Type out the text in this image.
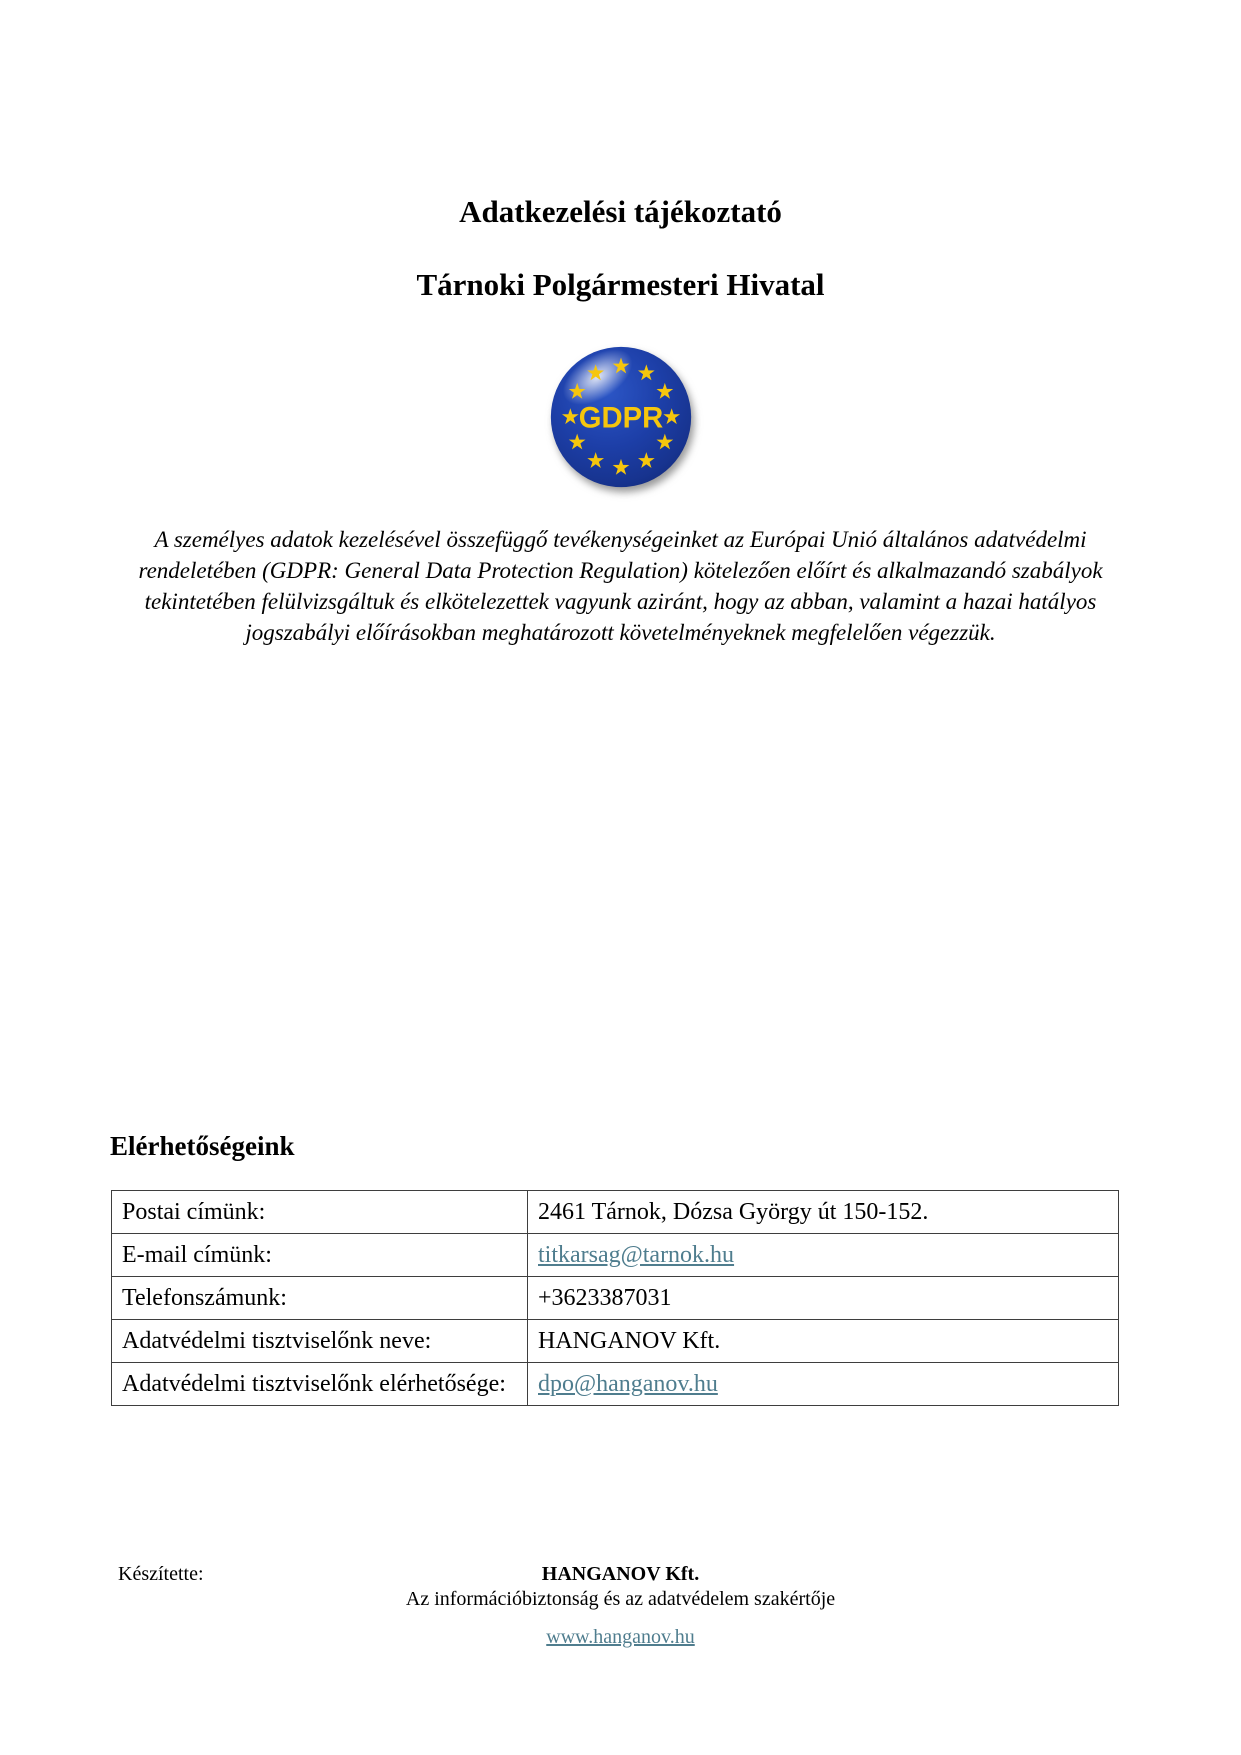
Adatkezelési tájékoztató
Tárnoki Polgármesteri Hivatal
GDPR
A személyes adatok kezelésével összefüggő tevékenységeinket az Európai Unió általános adatvédelmi
rendeletében (GDPR: General Data Protection Regulation) kötelezően előírt és alkalmazandó szabályok
tekintetében felülvizsgáltuk és elkötelezettek vagyunk aziránt, hogy az abban, valamint a hazai hatályos
jogszabályi előírásokban meghatározott követelményeknek megfelelően végezzük.
Elérhetőségeink
Postai címünk:	2461 Tárnok, Dózsa György út 150-152.
E-mail címünk:	titkarsag@tarnok.hu
Telefonszámunk:	+3623387031
Adatvédelmi tisztviselőnk neve:	HANGANOV Kft.
Adatvédelmi tisztviselőnk elérhetősége:	dpo@hanganov.hu
Készítette:	HANGANOV Kft.
Az információbiztonság és az adatvédelem szakértője
www.hanganov.hu
